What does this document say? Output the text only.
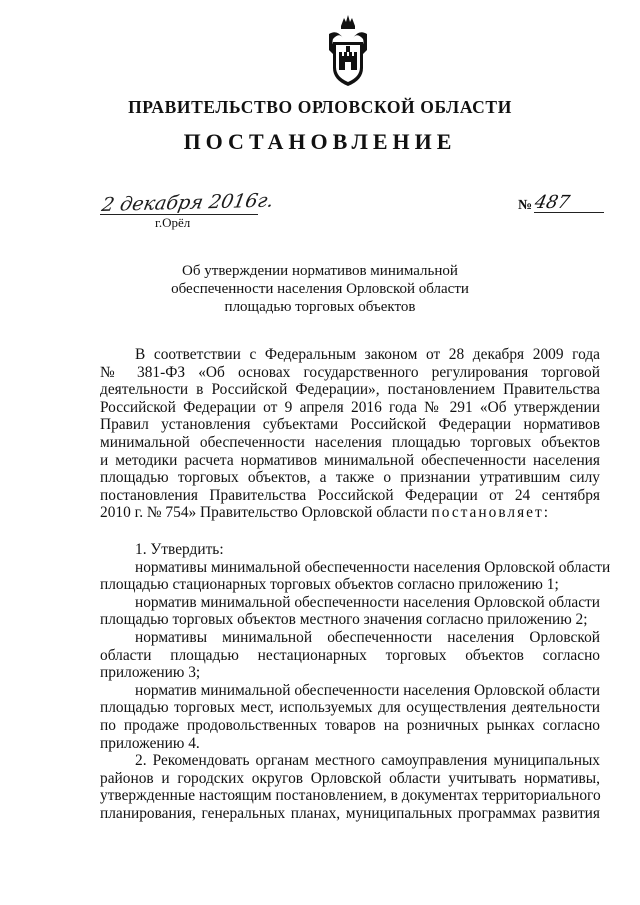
ПРАВИТЕЛЬСТВО ОРЛОВСКОЙ ОБЛАСТИ
ПОСТАНОВЛЕНИЕ
2 декабря 2016г.
г.Орёл
№ 487
Об утверждении нормативов минимальной
обеспеченности населения Орловской области
площадью торговых объектов
В соответствии с Федеральным законом от 28 декабря 2009 года
№ 381-ФЗ «Об основах государственного регулирования торговой
деятельности в Российской Федерации», постановлением Правительства
Российской Федерации от 9 апреля 2016 года № 291 «Об утверждении
Правил установления субъектами Российской Федерации нормативов
минимальной обеспеченности населения площадью торговых объектов
и методики расчета нормативов минимальной обеспеченности населения
площадью торговых объектов, а также о признании утратившим силу
постановления Правительства Российской Федерации от 24 сентября
2010 г. № 754» Правительство Орловской области постановляет:
1. Утвердить:
нормативы минимальной обеспеченности населения Орловской области
площадью стационарных торговых объектов согласно приложению 1;
норматив минимальной обеспеченности населения Орловской области
площадью торговых объектов местного значения согласно приложению 2;
нормативы минимальной обеспеченности населения Орловской
области площадью нестационарных торговых объектов согласно
приложению 3;
норматив минимальной обеспеченности населения Орловской области
площадью торговых мест, используемых для осуществления деятельности
по продаже продовольственных товаров на розничных рынках согласно
приложению 4.
2. Рекомендовать органам местного самоуправления муниципальных
районов и городских округов Орловской области учитывать нормативы,
утвержденные настоящим постановлением, в документах территориального
планирования, генеральных планах, муниципальных программах развития
